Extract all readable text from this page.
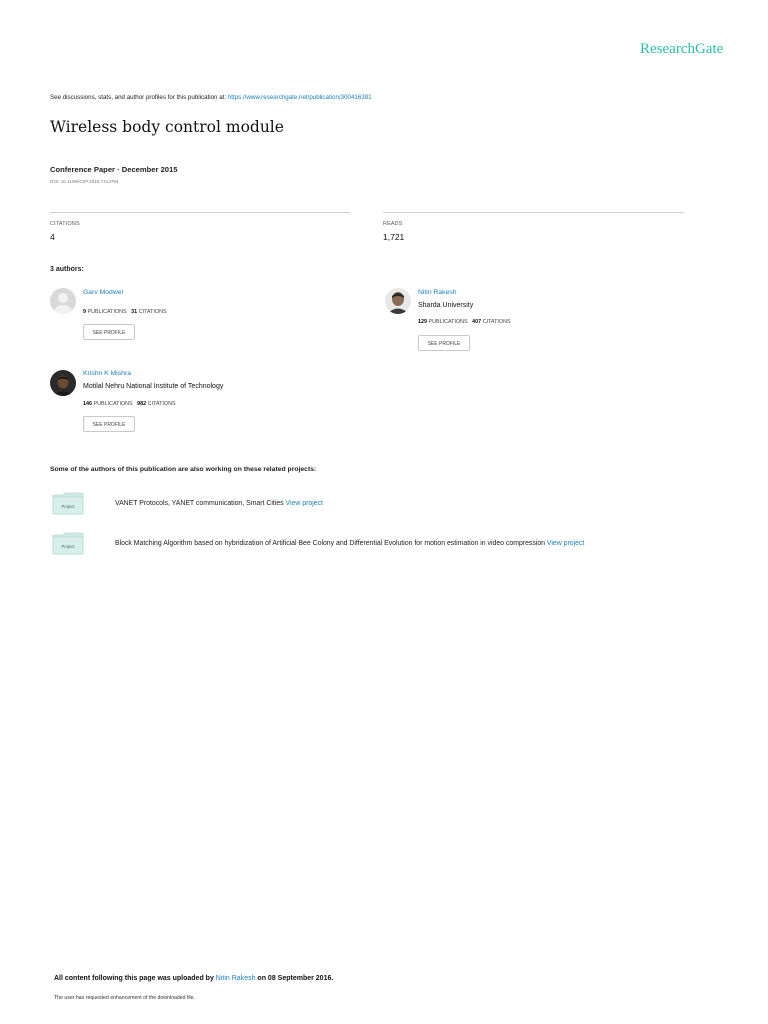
ResearchGate
See discussions, stats, and author profiles for this publication at: https://www.researchgate.net/publication/300416381
Wireless body control module
Conference Paper · December 2015
DOI: 10.1109/ICIIP.2015.7414794
CITATIONS
4
READS
1,721
3 authors:
Garv Modwel
9 PUBLICATIONS 31 CITATIONS
SEE PROFILE
Nitin Rakesh
Sharda University
129 PUBLICATIONS 407 CITATIONS
SEE PROFILE
Krishn K Mishra
Motilal Nehru National Institute of Technology
146 PUBLICATIONS 982 CITATIONS
SEE PROFILE
Some of the authors of this publication are also working on these related projects:
Project	VANET Protocols, YANET communication, Smart Cities View project
Project	Block Matching Algorithm based on hybridization of Artificial Bee Colony and Differential Evolution for motion estimation in video compression View project
All content following this page was uploaded by Nitin Rakesh on 08 September 2016.
The user has requested enhancement of the downloaded file.
